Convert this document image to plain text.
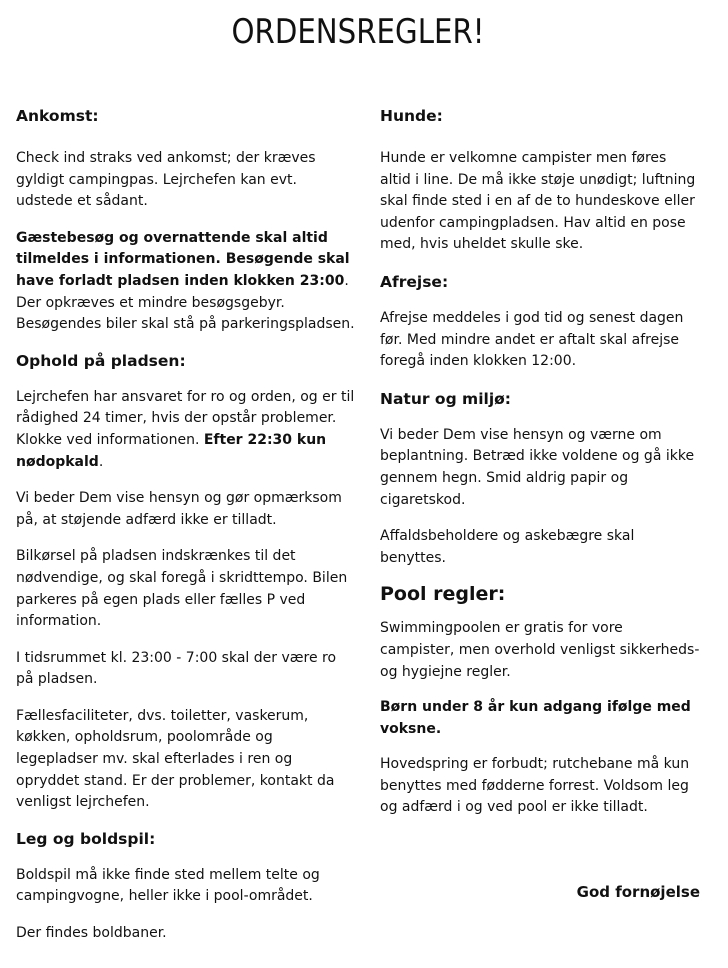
ORDENSREGLER!
Ankomst:

Check ind straks ved ankomst; der kræves gyldigt campingpas. Lejrchefen kan evt. udstede et sådant.

Gæstebesøg og overnattende skal altid tilmeldes i informationen. Besøgende skal have forladt pladsen inden klokken 23:00. Der opkræves et mindre besøgsgebyr. Besøgendes biler skal stå på parkeringspladsen.

Ophold på pladsen:

Lejrchefen har ansvaret for ro og orden, og er til rådighed 24 timer, hvis der opstår problemer. Klokke ved informationen. Efter 22:30 kun nødopkald.

Vi beder Dem vise hensyn og gør opmærksom på, at støjende adfærd ikke er tilladt.

Bilkørsel på pladsen indskrænkes til det nødvendige, og skal foregå i skridttempo. Bilen parkeres på egen plads eller fælles P ved information.

I tidsrummet kl. 23:00 - 7:00 skal der være ro på pladsen.

Fællesfaciliteter, dvs. toiletter, vaskerum, køkken, opholdsrum, poolområde og legepladser mv. skal efterlades i ren og opryddet stand. Er der problemer, kontakt da venligst lejrchefen.

Leg og boldspil:

Boldspil må ikke finde sted mellem telte og campingvogne, heller ikke i pool-området.

Der findes boldbaner.

Hunde:

Hunde er velkomne campister men føres altid i line. De må ikke støje unødigt; luftning skal finde sted i en af de to hundeskove eller udenfor campingpladsen. Hav altid en pose med, hvis uheldet skulle ske.

Afrejse:

Afrejse meddeles i god tid og senest dagen før. Med mindre andet er aftalt skal afrejse foregå inden klokken 12:00.

Natur og miljø:

Vi beder Dem vise hensyn og værne om beplantning. Betræd ikke voldene og gå ikke gennem hegn. Smid aldrig papir og cigaretskod.

Affaldsbeholdere og askebægre skal benyttes.

Pool regler:

Swimmingpoolen er gratis for vore campister, men overhold venligst sikkerheds- og hygiejne regler.

Børn under 8 år kun adgang ifølge med voksne.

Hovedspring er forbudt; rutchebane må kun benyttes med fødderne forrest. Voldsom leg og adfærd i og ved pool er ikke tilladt.

God fornøjelse
